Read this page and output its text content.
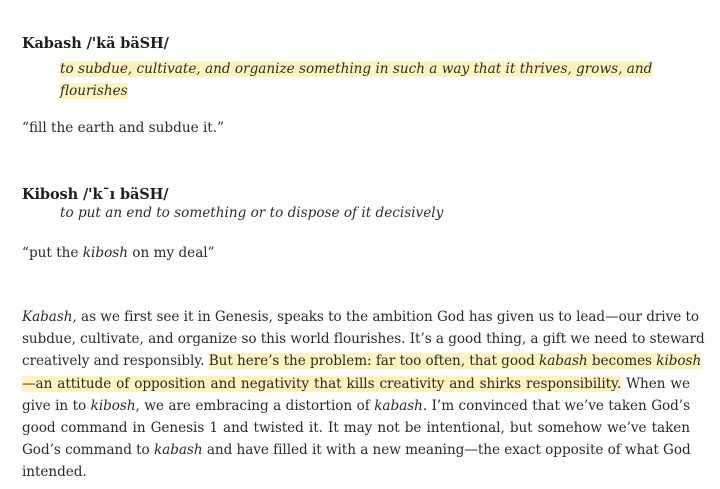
Kabash /'kä bäSH/
to subdue, cultivate, and organize something in such a way that it thrives, grows, and
flourishes
“fill the earth and subdue it.”
Kibosh /'k¯ı bäSH/
to put an end to something or to dispose of it decisively
“put the kibosh on my deal”
Kabash, as we first see it in Genesis, speaks to the ambition God has given us to lead—our drive to
subdue, cultivate, and organize so this world flourishes. It’s a good thing, a gift we need to steward
creatively and responsibly. But here’s the problem: far too often, that good kabash becomes kibosh
—an attitude of opposition and negativity that kills creativity and shirks responsibility. When we
give in to kibosh, we are embracing a distortion of kabash. I’m convinced that we’ve taken God’s
good command in Genesis 1 and twisted it. It may not be intentional, but somehow we’ve taken
God’s command to kabash and have filled it with a new meaning—the exact opposite of what God
intended.
